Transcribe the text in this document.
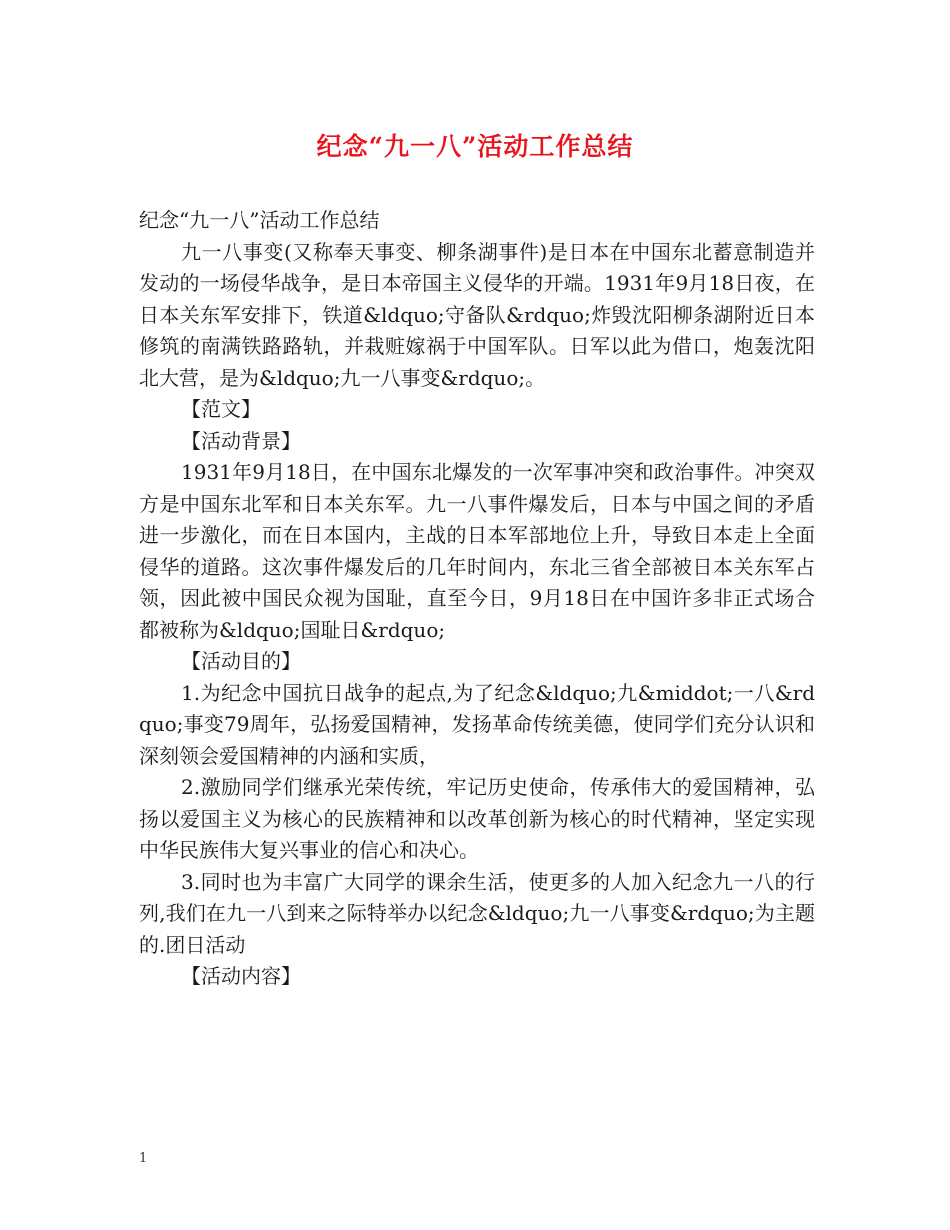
纪念“九一八”活动工作总结

纪念“九一八”活动工作总结

九一八事变(又称奉天事变、柳条湖事件)是日本在中国东北蓄意制造并发动的一场侵华战争，是日本帝国主义侵华的开端。1931年9月18日夜，在日本关东军安排下，铁道&ldquo;守备队&rdquo;炸毁沈阳柳条湖附近日本修筑的南满铁路路轨，并栽赃嫁祸于中国军队。日军以此为借口，炮轰沈阳北大营，是为&ldquo;九一八事变&rdquo;。

【范文】

【活动背景】

1931年9月18日，在中国东北爆发的一次军事冲突和政治事件。冲突双方是中国东北军和日本关东军。九一八事件爆发后，日本与中国之间的矛盾进一步激化，而在日本国内，主战的日本军部地位上升，导致日本走上全面侵华的道路。这次事件爆发后的几年时间内，东北三省全部被日本关东军占领，因此被中国民众视为国耻，直至今日，9月18日在中国许多非正式场合都被称为&ldquo;国耻日&rdquo;

【活动目的】

1.为纪念中国抗日战争的起点,为了纪念&ldquo;九&middot;一八&rdquo;事变79周年，弘扬爱国精神，发扬革命传统美德，使同学们充分认识和深刻领会爱国精神的内涵和实质，

2.激励同学们继承光荣传统，牢记历史使命，传承伟大的爱国精神，弘扬以爱国主义为核心的民族精神和以改革创新为核心的时代精神，坚定实现中华民族伟大复兴事业的信心和决心。

3.同时也为丰富广大同学的课余生活，使更多的人加入纪念九一八的行列,我们在九一八到来之际特举办以纪念&ldquo;九一八事变&rdquo;为主题的.团日活动

【活动内容】

1
